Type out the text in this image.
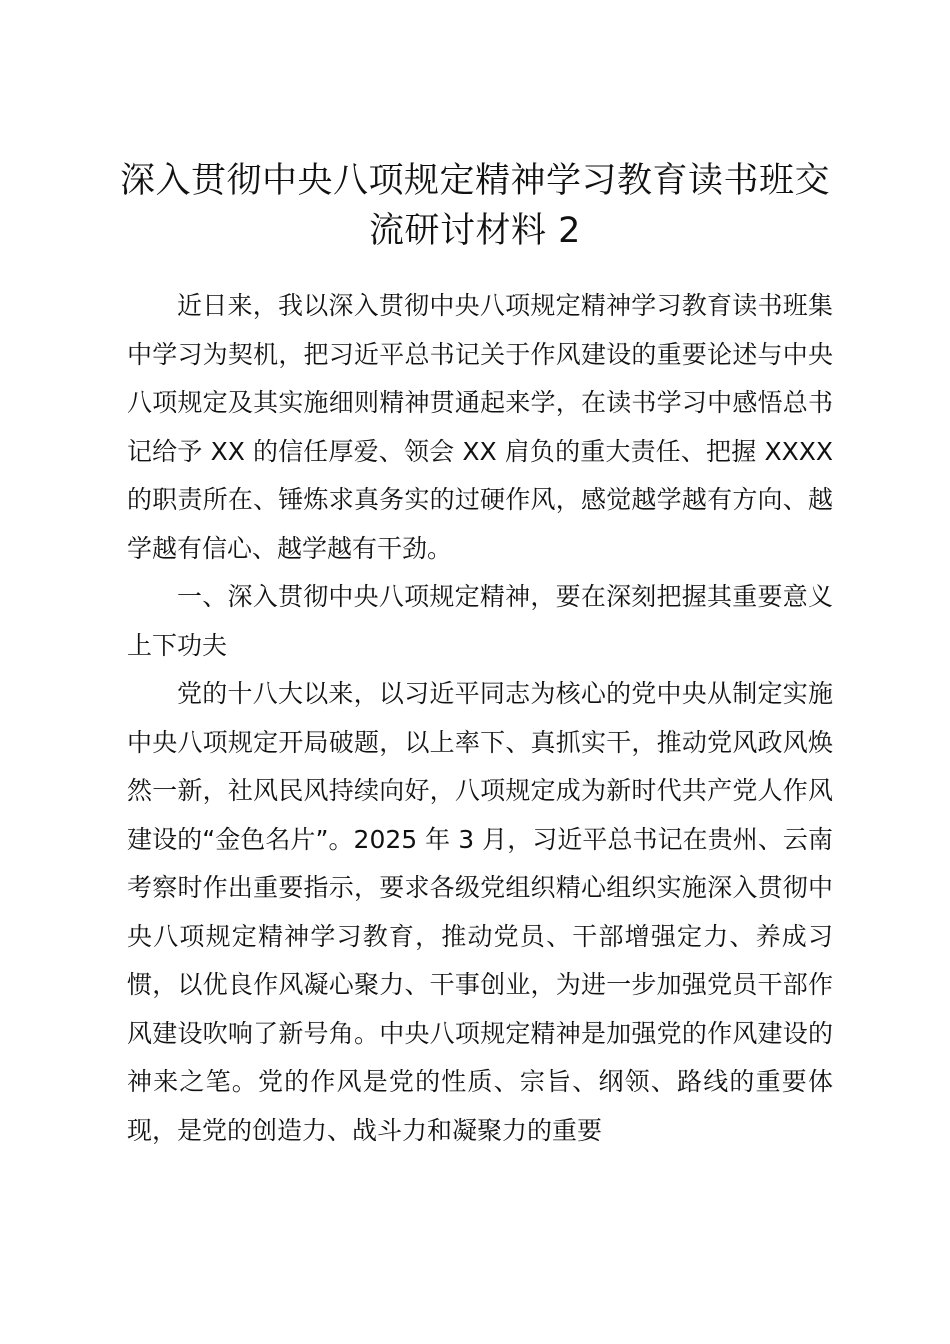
深入贯彻中央八项规定精神学习教育读书班交流研讨材料 2

近日来，我以深入贯彻中央八项规定精神学习教育读书班集中学习为契机，把习近平总书记关于作风建设的重要论述与中央八项规定及其实施细则精神贯通起来学，在读书学习中感悟总书记给予 XX 的信任厚爱、领会 XX 肩负的重大责任、把握 XXXX 的职责所在、锤炼求真务实的过硬作风，感觉越学越有方向、越学越有信心、越学越有干劲。

一、深入贯彻中央八项规定精神，要在深刻把握其重要意义上下功夫

党的十八大以来，以习近平同志为核心的党中央从制定实施中央八项规定开局破题，以上率下、真抓实干，推动党风政风焕然一新，社风民风持续向好，八项规定成为新时代共产党人作风建设的“金色名片”。2025 年 3 月，习近平总书记在贵州、云南考察时作出重要指示，要求各级党组织精心组织实施深入贯彻中央八项规定精神学习教育，推动党员、干部增强定力、养成习惯，以优良作风凝心聚力、干事创业，为进一步加强党员干部作风建设吹响了新号角。中央八项规定精神是加强党的作风建设的神来之笔。党的作风是党的性质、宗旨、纲领、路线的重要体现，是党的创造力、战斗力和凝聚力的重要
